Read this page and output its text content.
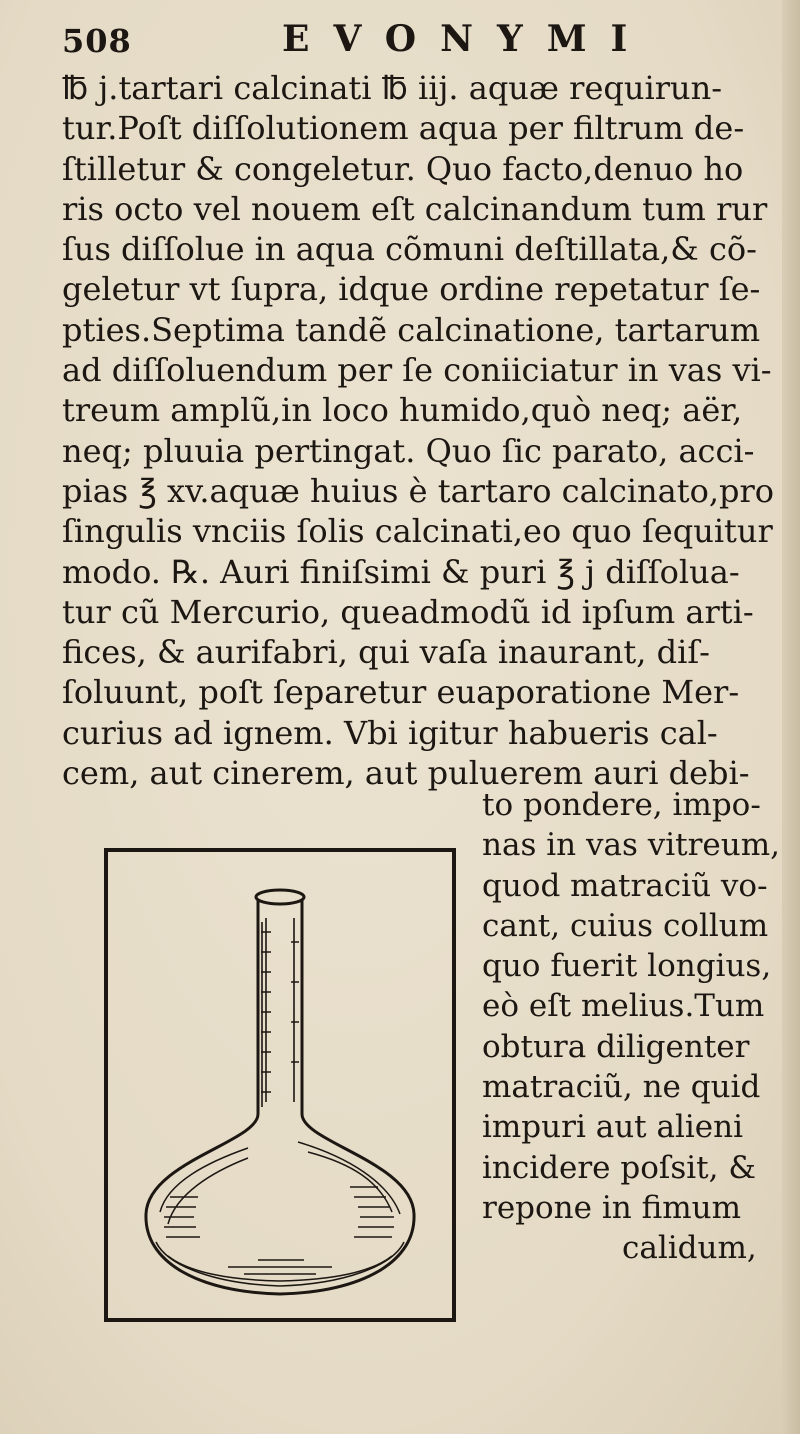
508	EVONYMI
℔ j.tartari calcinati ℔ iij. aquæ requirun-
tur.Poſt diſſolutionem aqua per filtrum de-
ſtilletur & congeletur. Quo facto,denuo ho
ris octo vel nouem eſt calcinandum tum rur
ſus diſſolue in aqua cõmuni deſtillata,& cõ-
geletur vt ſupra, idque ordine repetatur ſe-
pties.Septima tandẽ calcinatione, tartarum
ad diſſoluendum per ſe coniiciatur in vas vi-
treum amplũ,in loco humido,quò neq; aër,
neq; pluuia pertingat. Quo ſic parato, acci-
pias ℥ xv.aquæ huius è tartaro calcinato,pro
ſingulis vnciis ſolis calcinati,eo quo ſequitur
modo. ℞. Auri finiſsimi & puri ℥ j diſſolua-
tur cũ Mercurio, queadmodũ id ipſum arti-
fices, & aurifabri, qui vaſa inaurant, diſ-
ſoluunt, poſt ſeparetur euaporatione Mer-
curius ad ignem. Vbi igitur habueris cal-
cem, aut cinerem, aut puluerem auri debi-
to pondere, impo-
nas in vas vitreum,
quod matraciũ vo-
cant, cuius collum
quo fuerit longius,
eò eſt melius.Tum
obtura diligenter
matraciũ, ne quid
impuri aut alieni
incidere poſsit, &
repone in fimum
calidum,
